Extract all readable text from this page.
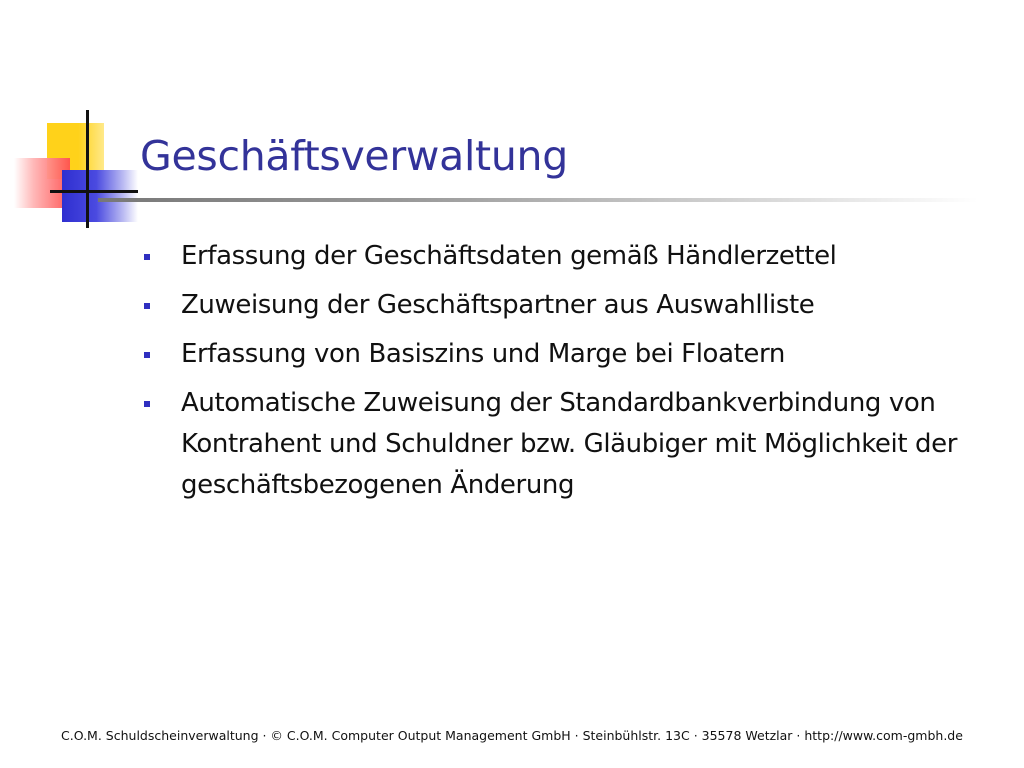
Geschäftsverwaltung
Erfassung der Geschäftsdaten gemäß Händlerzettel
Zuweisung der Geschäftspartner aus Auswahlliste
Erfassung von Basiszins und Marge bei Floatern
Automatische Zuweisung der Standardbankverbindung von Kontrahent und Schuldner bzw. Gläubiger mit Möglichkeit der geschäftsbezogenen Änderung
C.O.M. Schuldscheinverwaltung · © C.O.M. Computer Output Management GmbH · Steinbühlstr. 13C · 35578 Wetzlar · http://www.com-gmbh.de
